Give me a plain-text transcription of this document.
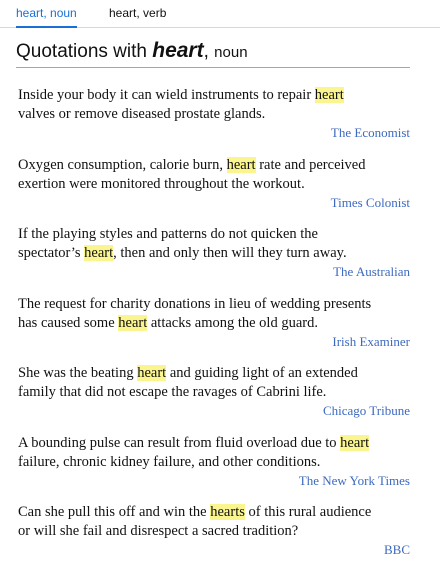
heart, noun	heart, verb
Quotations with heart, noun

Inside your body it can wield instruments to repair heart
valves or remove diseased prostate glands.

The Economist

Oxygen consumption, calorie burn, heart rate and perceived
exertion were monitored throughout the workout.

Times Colonist

If the playing styles and patterns do not quicken the
spectator’s heart, then and only then will they turn away.

The Australian

The request for charity donations in lieu of wedding presents
has caused some heart attacks among the old guard.

Irish Examiner

She was the beating heart and guiding light of an extended
family that did not escape the ravages of Cabrini life.

Chicago Tribune

A bounding pulse can result from fluid overload due to heart
failure, chronic kidney failure, and other conditions.

The New York Times

Can she pull this off and win the hearts of this rural audience
or will she fail and disrespect a sacred tradition?

BBC
